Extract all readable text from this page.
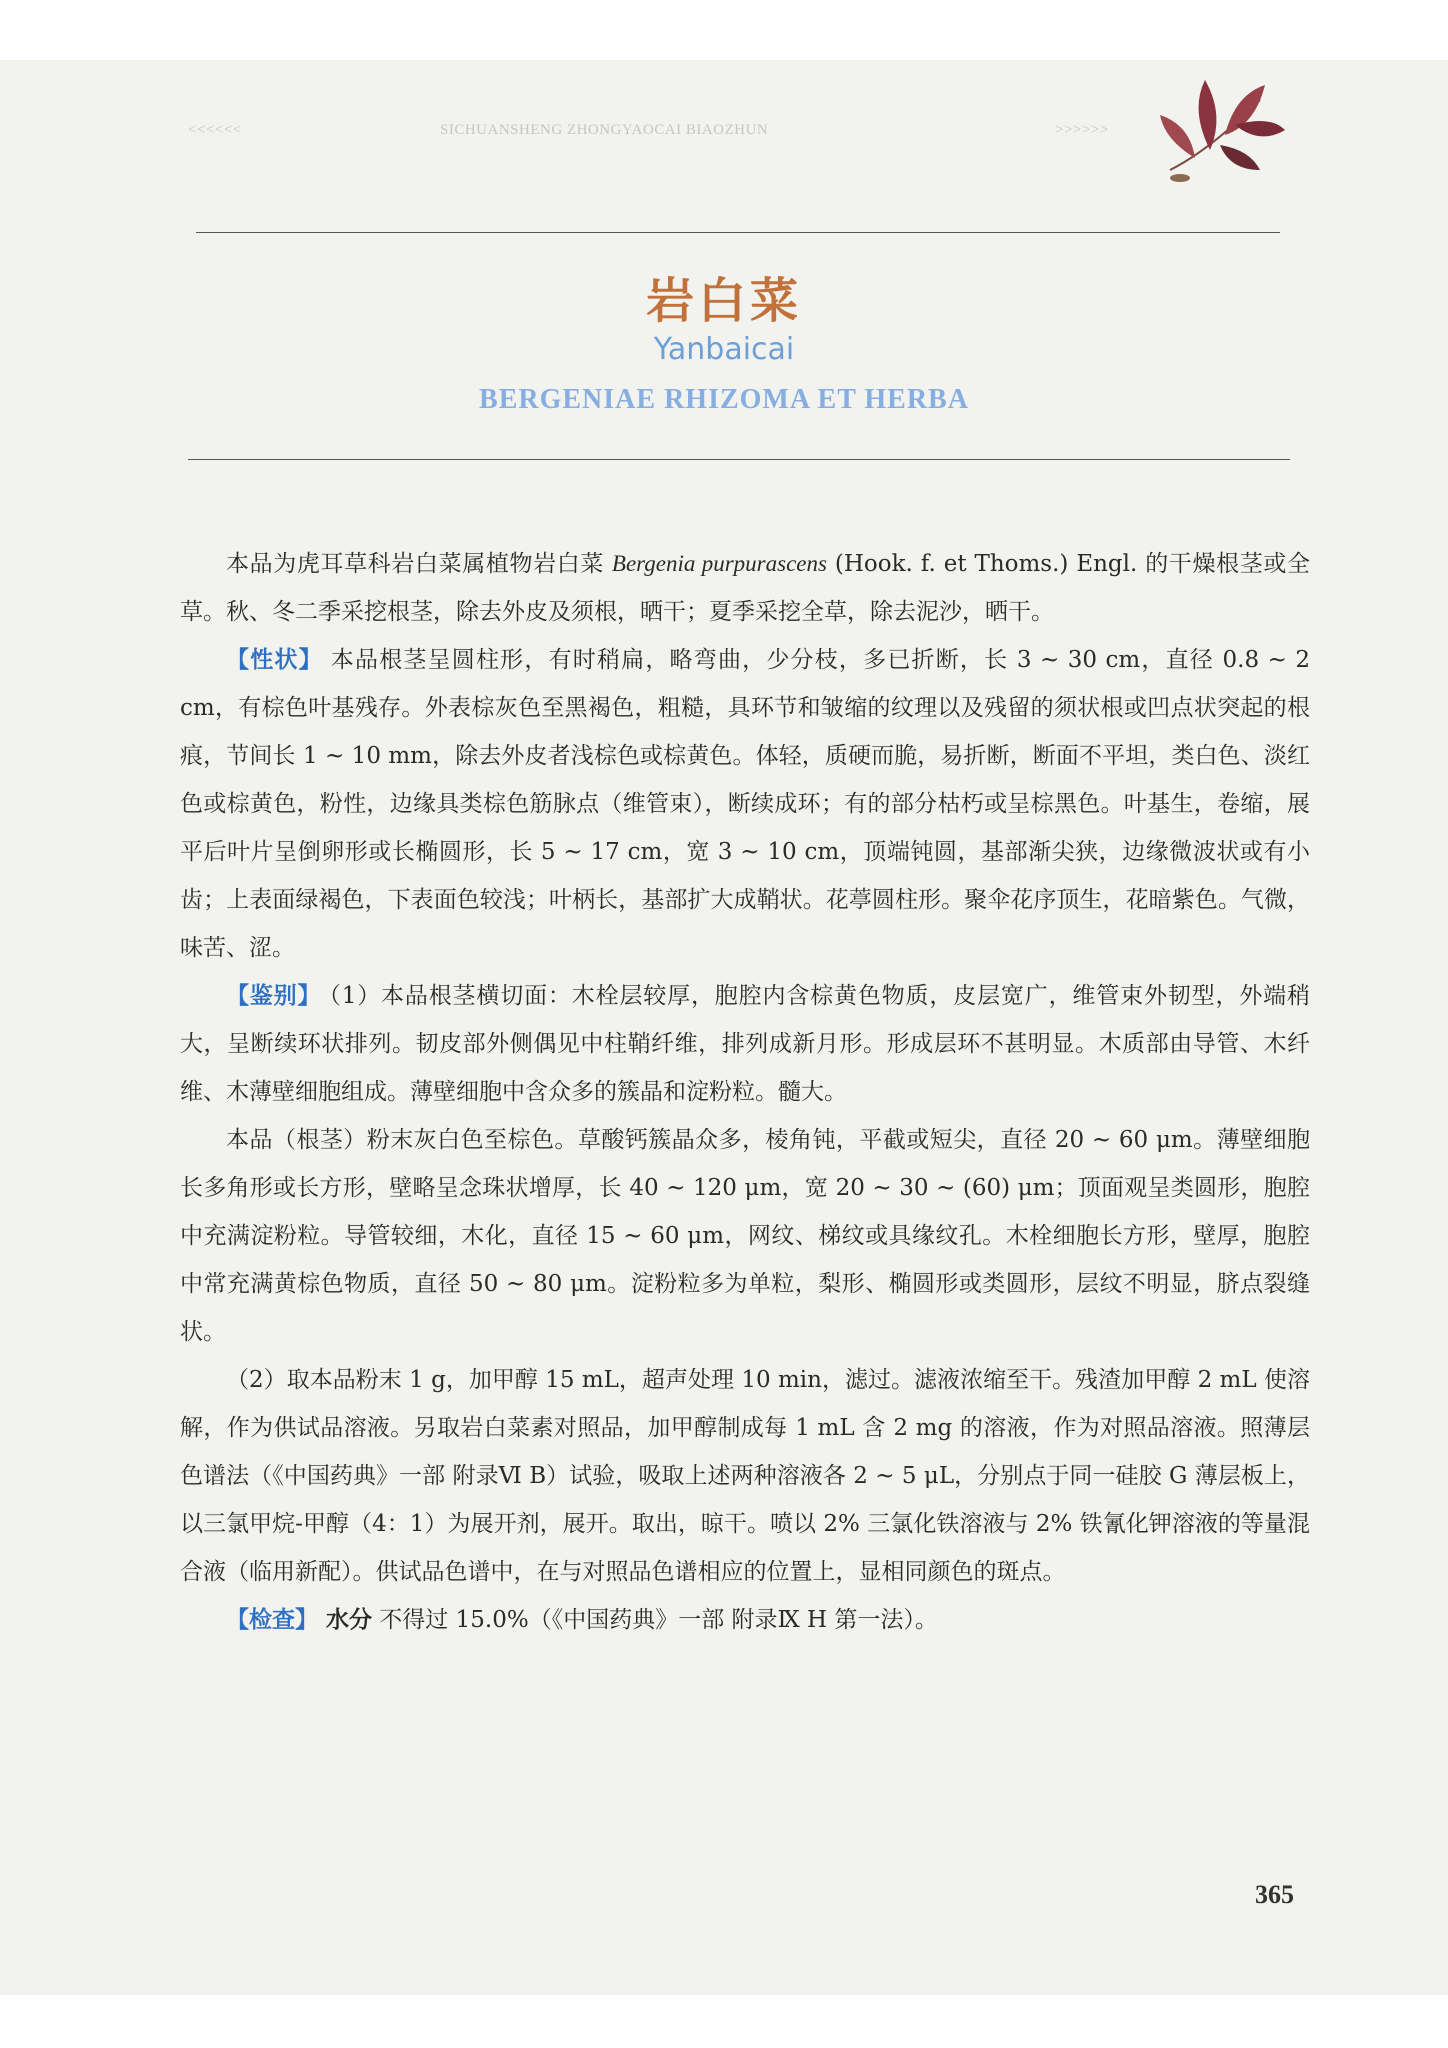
<<<<<<	SICHUANSHENG ZHONGYAOCAI BIAOZHUN	>>>>>>
岩白菜
Yanbaicai
BERGENIAE RHIZOMA ET HERBA

本品为虎耳草科岩白菜属植物岩白菜 Bergenia purpurascens (Hook. f. et Thoms.) Engl. 的干燥根茎或全草。秋、冬二季采挖根茎，除去外皮及须根，晒干；夏季采挖全草，除去泥沙，晒干。

【性状】 本品根茎呈圆柱形，有时稍扁，略弯曲，少分枝，多已折断，长 3 ~ 30 cm，直径 0.8 ~ 2 cm，有棕色叶基残存。外表棕灰色至黑褐色，粗糙，具环节和皱缩的纹理以及残留的须状根或凹点状突起的根痕，节间长 1 ~ 10 mm，除去外皮者浅棕色或棕黄色。体轻，质硬而脆，易折断，断面不平坦，类白色、淡红色或棕黄色，粉性，边缘具类棕色筋脉点（维管束），断续成环；有的部分枯朽或呈棕黑色。叶基生，卷缩，展平后叶片呈倒卵形或长椭圆形，长 5 ~ 17 cm，宽 3 ~ 10 cm，顶端钝圆，基部渐尖狭，边缘微波状或有小齿；上表面绿褐色，下表面色较浅；叶柄长，基部扩大成鞘状。花葶圆柱形。聚伞花序顶生，花暗紫色。气微，味苦、涩。

【鉴别】 （1）本品根茎横切面：木栓层较厚，胞腔内含棕黄色物质，皮层宽广，维管束外韧型，外端稍大，呈断续环状排列。韧皮部外侧偶见中柱鞘纤维，排列成新月形。形成层环不甚明显。木质部由导管、木纤维、木薄壁细胞组成。薄壁细胞中含众多的簇晶和淀粉粒。髓大。

本品（根茎）粉末灰白色至棕色。草酸钙簇晶众多，棱角钝，平截或短尖，直径 20 ~ 60 μm。薄壁细胞长多角形或长方形，壁略呈念珠状增厚，长 40 ~ 120 μm，宽 20 ~ 30 ~ (60) μm；顶面观呈类圆形，胞腔中充满淀粉粒。导管较细，木化，直径 15 ~ 60 μm，网纹、梯纹或具缘纹孔。木栓细胞长方形，壁厚，胞腔中常充满黄棕色物质，直径 50 ~ 80 μm。淀粉粒多为单粒，梨形、椭圆形或类圆形，层纹不明显，脐点裂缝状。

（2）取本品粉末 1 g，加甲醇 15 mL，超声处理 10 min，滤过。滤液浓缩至干。残渣加甲醇 2 mL 使溶解，作为供试品溶液。另取岩白菜素对照品，加甲醇制成每 1 mL 含 2 mg 的溶液，作为对照品溶液。照薄层色谱法（《中国药典》一部 附录Ⅵ B）试验，吸取上述两种溶液各 2 ~ 5 μL，分别点于同一硅胶 G 薄层板上，以三氯甲烷-甲醇（4：1）为展开剂，展开。取出，晾干。喷以 2% 三氯化铁溶液与 2% 铁氰化钾溶液的等量混合液（临用新配）。供试品色谱中，在与对照品色谱相应的位置上，显相同颜色的斑点。

【检查】 水分 不得过 15.0%（《中国药典》一部 附录Ⅸ H 第一法）。

365
